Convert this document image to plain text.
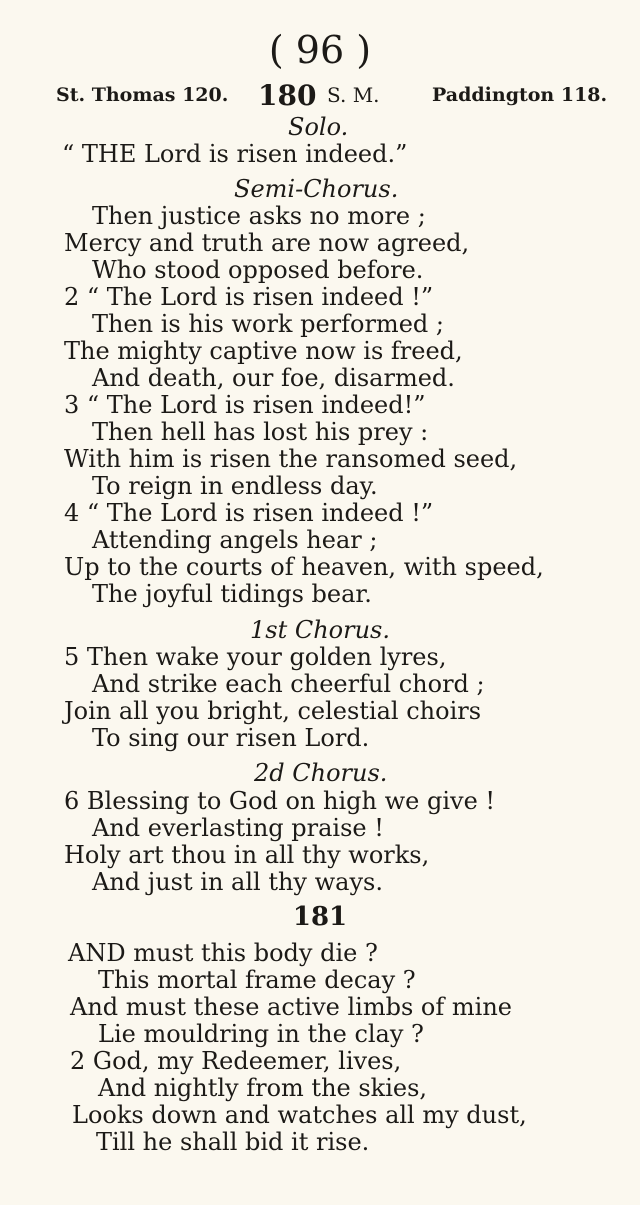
( 96 )
St. Thomas 120. 180 S. M.	Paddington 118.
Solo.
“ THE Lord is risen indeed.”
Semi-Chorus.
Then justice asks no more ;
Mercy and truth are now agreed,
Who stood opposed before.
2 “ The Lord is risen indeed !”
Then is his work performed ;
The mighty captive now is freed,
And death, our foe, disarmed.
3 “ The Lord is risen indeed!”
Then hell has lost his prey :
With him is risen the ransomed seed,
To reign in endless day.
4 “ The Lord is risen indeed !”
Attending angels hear ;
Up to the courts of heaven, with speed,
The joyful tidings bear.
1st Chorus.
5 Then wake your golden lyres,
And strike each cheerful chord ;
Join all you bright, celestial choirs
To sing our risen Lord.
2d Chorus.
6 Blessing to God on high we give !
And everlasting praise !
Holy art thou in all thy works,
And just in all thy ways.
181
AND must this body die ?
This mortal frame decay ?
And must these active limbs of mine
Lie mouldring in the clay ?
2 God, my Redeemer, lives,
And nightly from the skies,
Looks down and watches all my dust,
Till he shall bid it rise.
